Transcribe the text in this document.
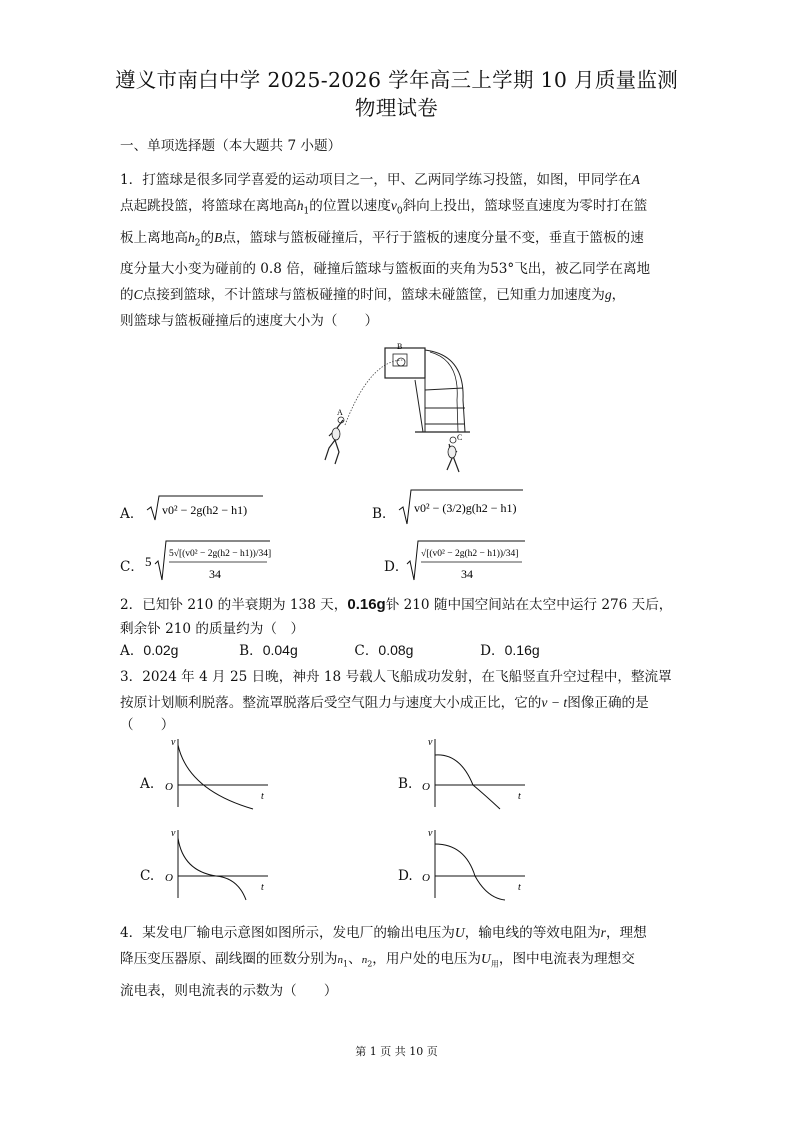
遵义市南白中学 2025-2026 学年高三上学期 10 月质量监测
物理试卷
一、单项选择题（本大题共 7 小题）
1．打篮球是很多同学喜爱的运动项目之一，甲、乙两同学练习投篮，如图，甲同学在A
点起跳投篮，将篮球在离地高$h_1$的位置以速度$v_0$斜向上投出，篮球竖直速度为零时打在篮
板上离地高$h_2$的B点，篮球与篮板碰撞后，平行于篮板的速度分量不变，垂直于篮板的速
度分量大小变为碰前的 0.8 倍，碰撞后篮球与篮板面的夹角为53°飞出，被乙同学在离地
的C点接到篮球，不计篮球与篮板碰撞的时间，篮球未碰篮筐，已知重力加速度为g，
则篮球与篮板碰撞后的速度大小为（　　）
B
A
C
A． v0² − 2g(h2 − h1)	B． v0² − (3/2)g(h2 − h1)
C． 5 5√[(v0² − 2g(h2 − h1))/34]
34	D．
√[(v0² − 2g(h2 − h1))/34]
34
2．已知钋 210 的半衰期为 138 天，0.16g钋 210 随中国空间站在太空中运行 276 天后，
剩余钋 210 的质量约为（　）
A．0.02g	B．0.04g	C．0.08g	D．0.16g
3．2024 年 4 月 25 日晚，神舟 18 号载人飞船成功发射，在飞船竖直升空过程中，整流罩
按原计划顺利脱落。整流罩脱落后受空气阻力与速度大小成正比，它的v − t图像正确的是
（　　）
A.
v
t
O	B.
v
t
O
C.
v
t
O	D.
v
t
O
4．某发电厂输电示意图如图所示，发电厂的输出电压为U，输电线的等效电阻为r，理想
降压变压器原、副线圈的匝数分别为$n_1$、$n_2$，用户处的电压为$U_用$，图中电流表为理想交
流电表，则电流表的示数为（　　）
第 1 页 共 10 页
